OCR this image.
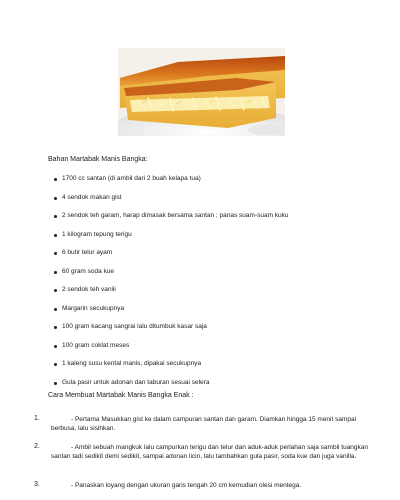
Bahan Martabak Manis Bangka:
1700 cc santan (di ambil dari 2 buah kelapa tua)
4 sendok makan gist
2 sendok teh garam, harap dimasak bersama santan ; panas suam-suam kuku
1 kilogram tepung terigu
6 butir telur ayam
60 gram soda kue
2 sendok teh vanili
Margarin secukupnya
100 gram kacang sangrai lalu ditumbuk kasar saja
100 gram coklat meses
1 kaleng susu kental manis, dipakai secukupnya
Gula pasir untuk adonan dan taburan sesuai selera
Cara Membuat Martabak Manis Bangka Enak :
1.	- Pertama Masukkan gist ke dalam campuran santan dan garam. Diamkan hingga 15 menit sampai berbusa, lalu sisihkan.
2.	- Ambil sebuah mangkuk lalu campurkan terigu dan telur dan aduk-aduk perlahan saja sambil tuangkan santan tadi sedikit demi sedikit, sampai adonan licin, lalu tambahkan gula pasir, soda kue dan juga vanilla.
3.	- Panaskan loyang dengan ukuran garis tengah 20 cm kemudian olesi mentega.
